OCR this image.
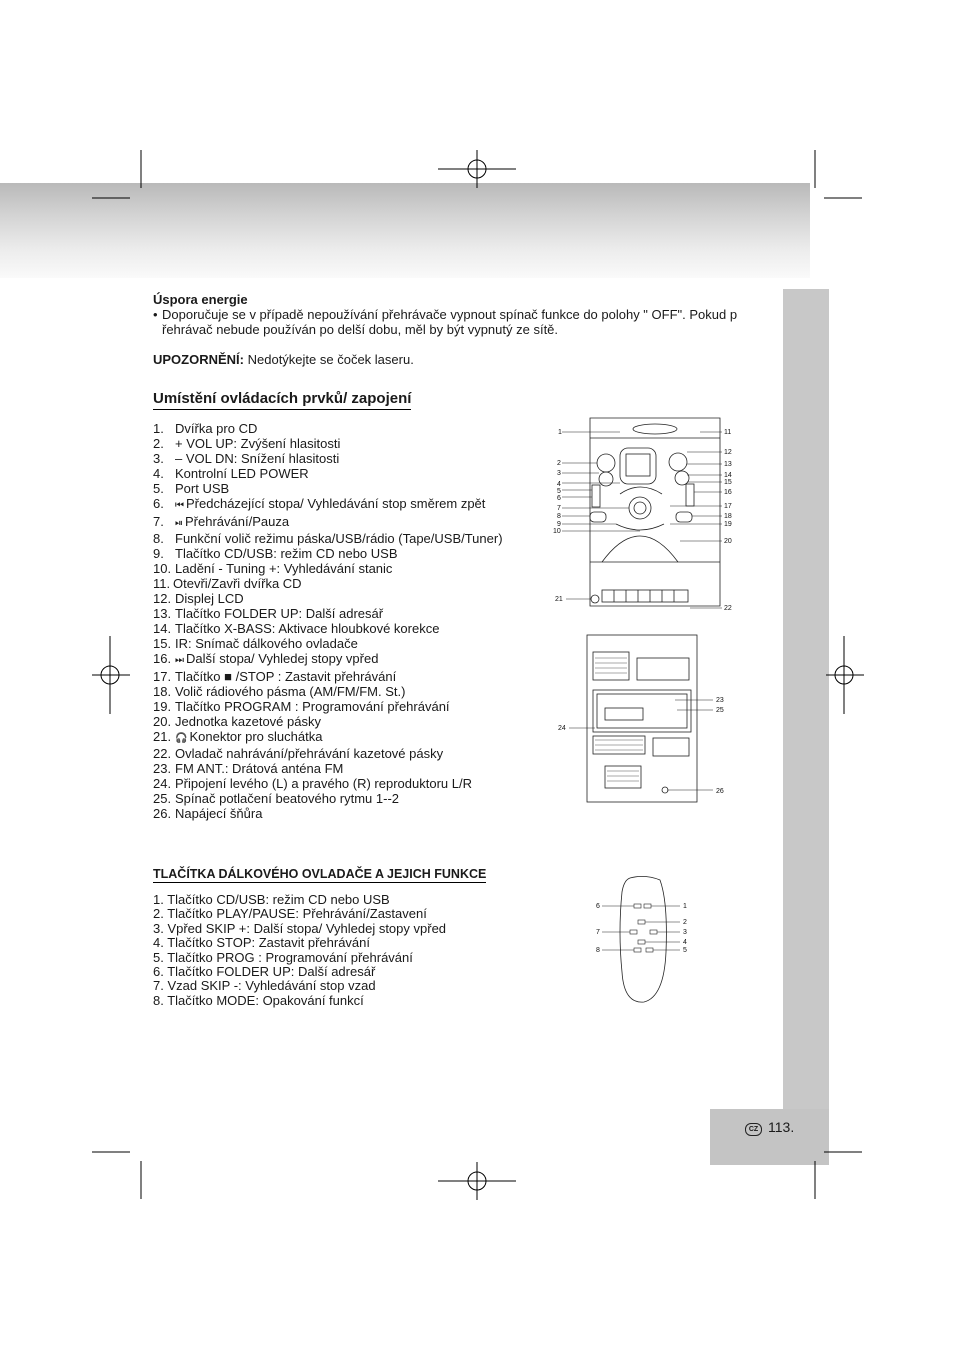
Úspora energie
• Doporučuje se v případě nepoužívání přehrávače vypnout spínač funkce do polohy " OFF". Pokud p
řehrávač nebude používán po delší dobu, měl by být vypnutý ze sítě.
UPOZORNĚNÍ: Nedotýkejte se čoček laseru.
Umístění ovládacích prvků/ zapojení
1. Dvířka pro CD
2. + VOL UP: Zvýšení hlasitosti
3. – VOL DN: Snížení hlasitosti
4. Kontrolní LED POWER
5. Port USB
6. ⏮ Předcházející stopa/ Vyhledávání stop směrem zpět
7. ⏯ Přehrávání/Pauza
8. Funkční volič režimu páska/USB/rádio (Tape/USB/Tuner)
9. Tlačítko CD/USB: režim CD nebo USB
10. Ladění - Tuning +: Vyhledávání stanic
11. Otevři/Zavři dvířka CD
12. Displej LCD
13. Tlačítko FOLDER UP: Další adresář
14. Tlačítko X-BASS: Aktivace hloubkové korekce
15. IR: Snímač dálkového ovladače
16. ⏭ Další stopa/ Vyhledej stopy vpřed
17. Tlačítko ■ /STOP : Zastavit přehrávání
18. Volič rádiového pásma (AM/FM/FM. St.)
19. Tlačítko PROGRAM : Programování přehrávání
20. Jednotka kazetové pásky
21. 🎧 Konektor pro sluchátka
22. Ovladač nahrávání/přehrávání kazetové pásky
23. FM ANT.: Drátová anténa FM
24. Připojení levého (L) a pravého (R) reproduktoru L/R
25. Spínač potlačení beatového rytmu 1--2
26. Napájecí šňůra
TLAČÍTKA DÁLKOVÉHO OVLADAČE A JEJICH FUNKCE
1. Tlačítko CD/USB: režim CD nebo USB
2. Tlačítko PLAY/PAUSE: Přehrávání/Zastavení
3. Vpřed SKIP +: Další stopa/ Vyhledej stopy vpřed
4. Tlačítko STOP: Zastavit přehrávání
5. Tlačítko PROG : Programování přehrávání
6. Tlačítko FOLDER UP: Další adresář
7. Vzad SKIP -: Vyhledávání stop vzad
8. Tlačítko MODE: Opakování funkcí
1
2
3
4
5
6
7
8
9
10
21
11
12
13
14
15
16
17
18
19
20
22
23
25
24
26
6
7
8
1
2
3
4
5
CZ 113.
